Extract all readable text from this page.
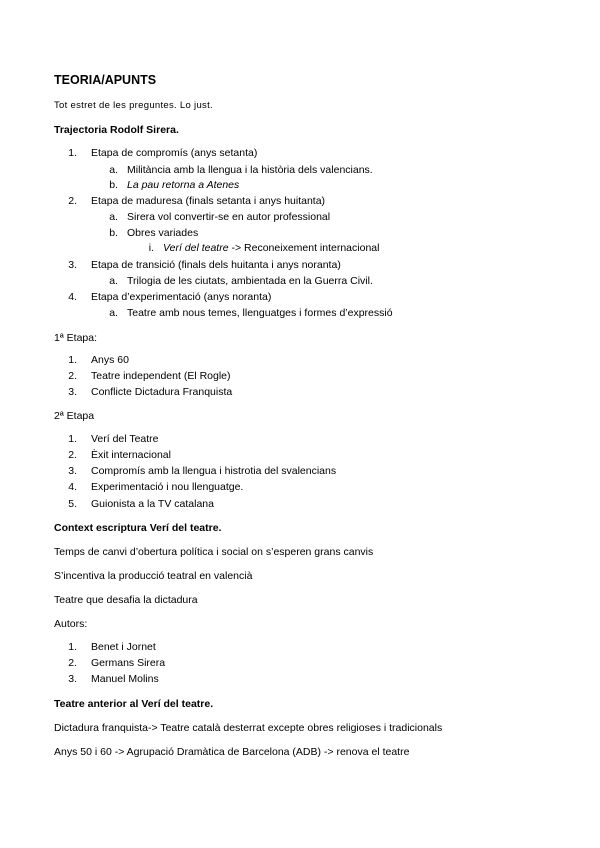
TEORIA/APUNTS
Tot estret de les preguntes. Lo just.
Trajectoria Rodolf Sirera.
1. Etapa de compromís (anys setanta)
a. Militància amb la llengua i la història dels valencians.
b. La pau retorna a Atenes
2. Etapa de maduresa (finals setanta i anys huitanta)
a. Sirera vol convertir-se en autor professional
b. Obres variades
i. Verí del teatre -> Reconeixement internacional
3. Etapa de transició (finals dels huitanta i anys noranta)
a. Trilogia de les ciutats, ambientada en la Guerra Civil.
4. Etapa d’experimentació (anys noranta)
a. Teatre amb nous temes, llenguatges i formes d’expressió
1ª Etapa:
1. Anys 60
2. Teatre independent (El Rogle)
3. Conflicte Dictadura Franquista
2ª Etapa
1. Verí del Teatre
2. Èxit internacional
3. Compromís amb la llengua i histrotia del svalencians
4. Experimentació i nou llenguatge.
5. Guionista a la TV catalana
Context escriptura Verí del teatre.
Temps de canvi d’obertura política i social on s’esperen grans canvis
S’incentiva la producció teatral en valencià
Teatre que desafia la dictadura
Autors:
1. Benet i Jornet
2. Germans Sirera
3. Manuel Molins
Teatre anterior al Verí del teatre.
Dictadura franquista-> Teatre català desterrat excepte obres religioses i tradicionals
Anys 50 i 60 -> Agrupació Dramàtica de Barcelona (ADB) -> renova el teatre
